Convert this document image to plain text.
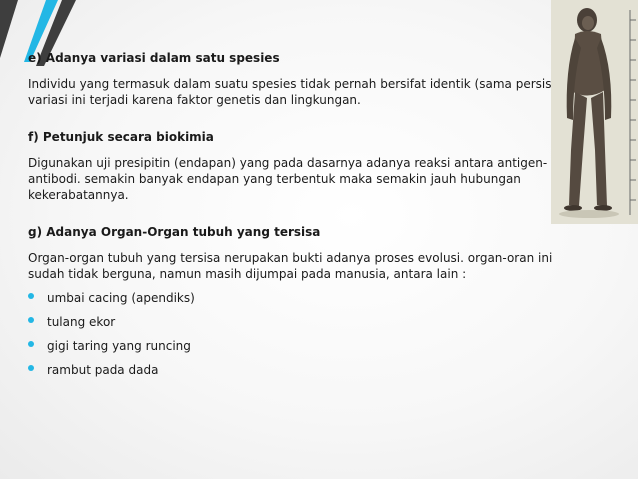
e) Adanya variasi dalam satu spesies
Individu yang termasuk dalam suatu spesies tidak pernah bersifat identik (sama persis
variasi ini terjadi karena faktor genetis dan lingkungan.
f) Petunjuk secara biokimia
Digunakan uji presipitin (endapan) yang pada dasarnya adanya reaksi antara antigen-
antibodi. semakin banyak endapan yang terbentuk maka semakin jauh hubungan
kekerabatannya.
g) Adanya Organ-Organ tubuh yang tersisa
Organ-organ tubuh yang tersisa nerupakan bukti adanya proses evolusi. organ-oran ini
sudah tidak berguna, namun masih dijumpai pada manusia, antara lain :
umbai cacing (apendiks)
tulang ekor
gigi taring yang runcing
rambut pada dada
